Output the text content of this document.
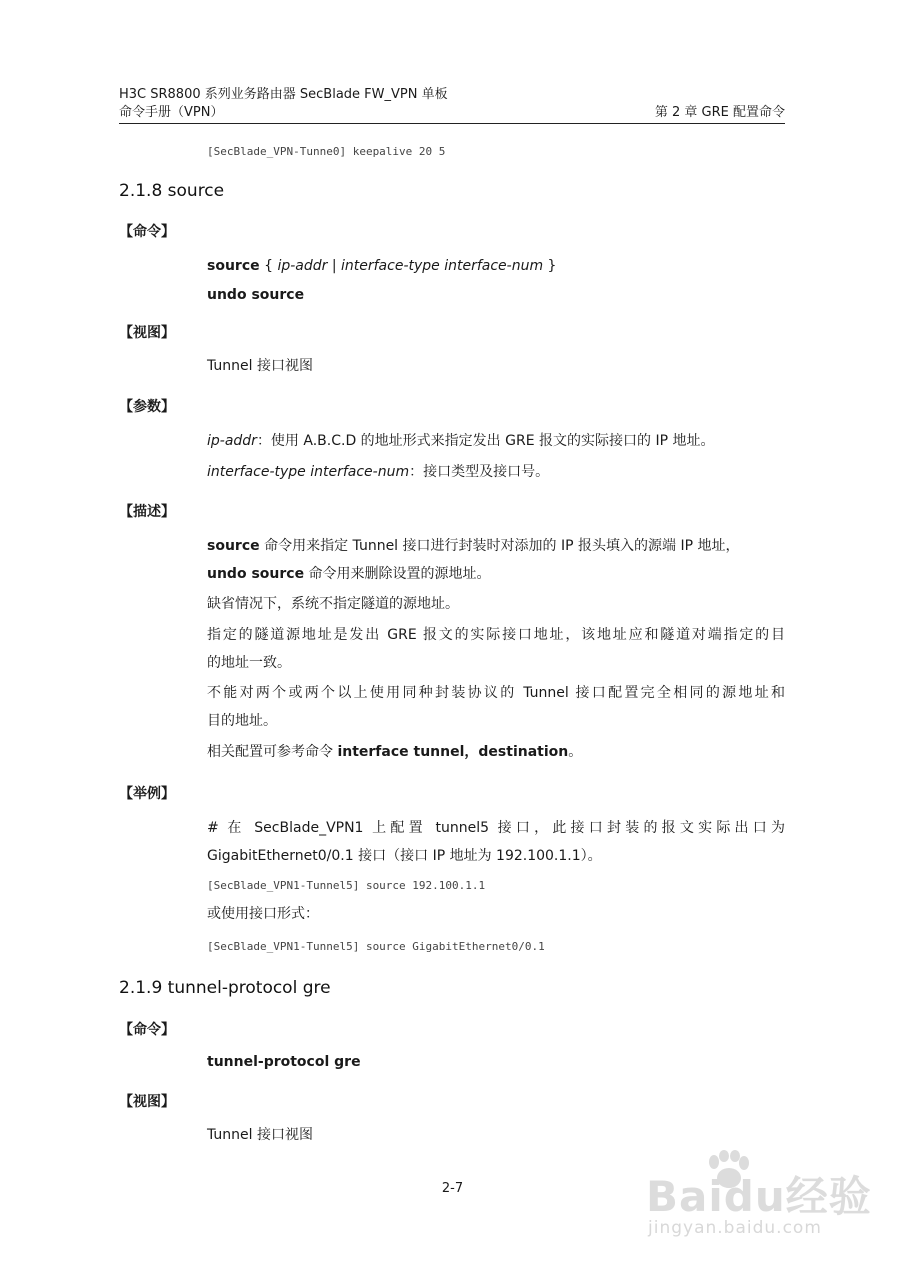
H3C SR8800 系列业务路由器 SecBlade FW_VPN 单板
命令手册（VPN）	第 2 章 GRE 配置命令
[SecBlade_VPN-Tunne0] keepalive 20 5
2.1.8 source
【命令】
source { ip-addr | interface-type interface-num }
undo source
【视图】
Tunnel 接口视图
【参数】
ip-addr：使用 A.B.C.D 的地址形式来指定发出 GRE 报文的实际接口的 IP 地址。
interface-type interface-num：接口类型及接口号。
【描述】
source 命令用来指定 Tunnel 接口进行封装时对添加的 IP 报头填入的源端 IP 地址，
undo source 命令用来删除设置的源地址。
缺省情况下，系统不指定隧道的源地址。
指定的隧道源地址是发出 GRE 报文的实际接口地址，该地址应和隧道对端指定的目
的地址一致。
不能对两个或两个以上使用同种封装协议的 Tunnel 接口配置完全相同的源地址和
目的地址。
相关配置可参考命令 interface tunnel，destination。
【举例】
# 在 SecBlade_VPN1 上配置 tunnel5 接口，此接口封装的报文实际出口为
GigabitEthernet0/0.1 接口（接口 IP 地址为 192.100.1.1）。
[SecBlade_VPN1-Tunnel5] source 192.100.1.1
或使用接口形式：
[SecBlade_VPN1-Tunnel5] source GigabitEthernet0/0.1
2.1.9 tunnel-protocol gre
【命令】
tunnel-protocol gre
【视图】
Tunnel 接口视图
2-7	Baidu经验
jingyan.baidu.com
